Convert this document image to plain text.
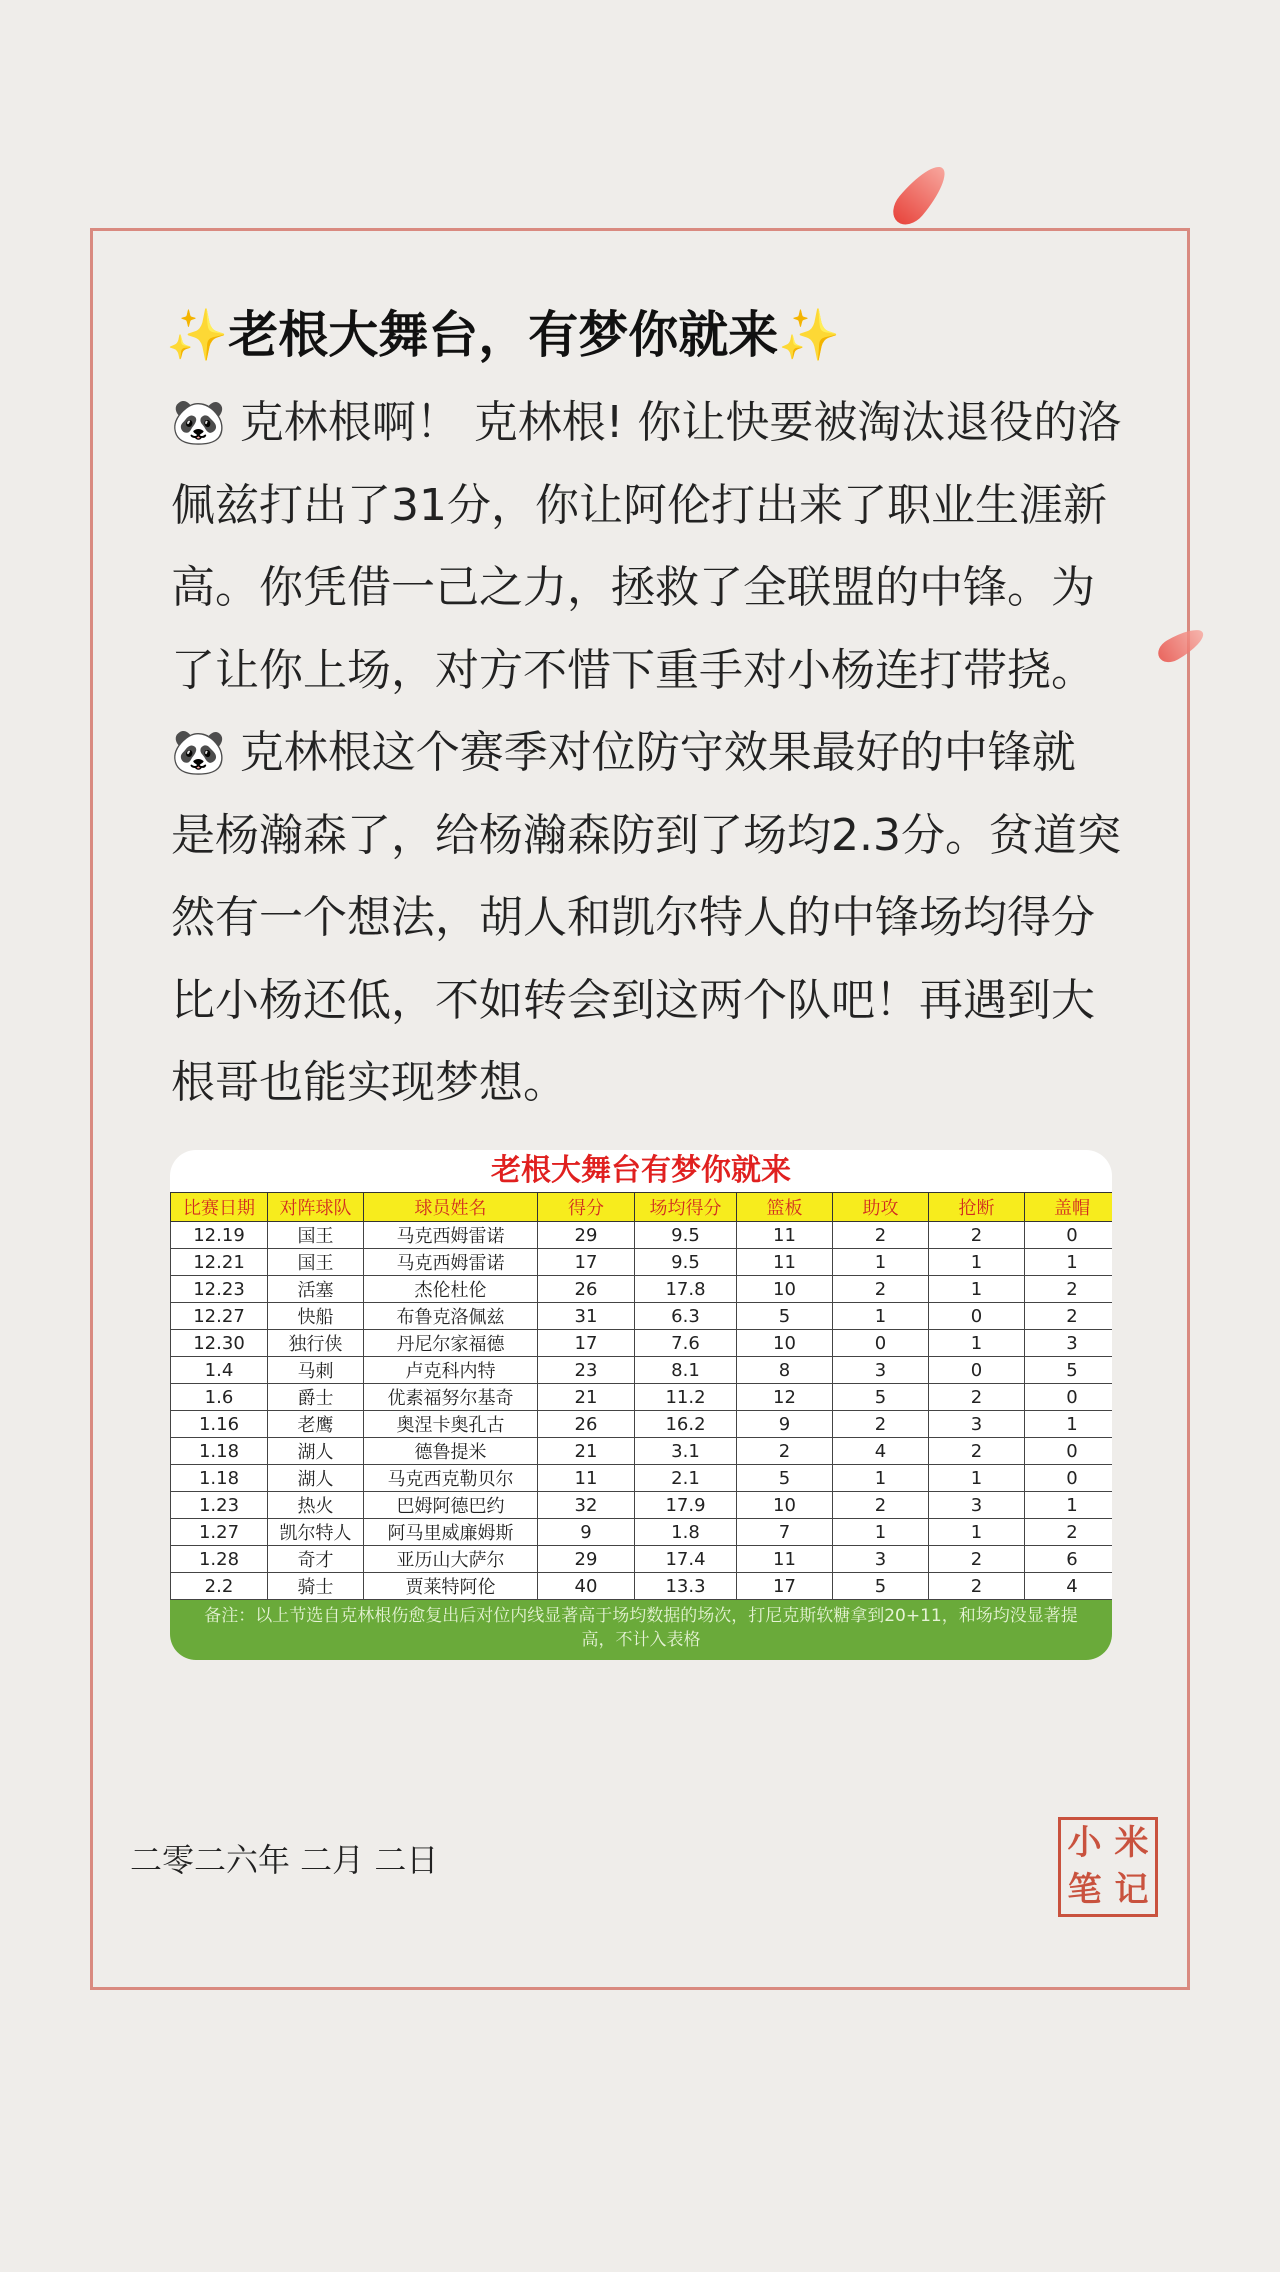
✨老根大舞台，有梦你就来✨
🐼 克林根啊！ 克林根! 你让快要被淘汰退役的洛
佩兹打出了31分，你让阿伦打出来了职业生涯新
高。你凭借一己之力，拯救了全联盟的中锋。为
了让你上场，对方不惜下重手对小杨连打带挠。
🐼 克林根这个赛季对位防守效果最好的中锋就
是杨瀚森了，给杨瀚森防到了场均2.3分。贫道突
然有一个想法，胡人和凯尔特人的中锋场均得分
比小杨还低，不如转会到这两个队吧！再遇到大
根哥也能实现梦想。
老根大舞台有梦你就来
比赛日期	对阵球队	球员姓名	得分	场均得分	篮板	助攻	抢断	盖帽
12.19	国王	马克西姆雷诺	29	9.5	11	2	2	0
12.21	国王	马克西姆雷诺	17	9.5	11	1	1	1
12.23	活塞	杰伦杜伦	26	17.8	10	2	1	2
12.27	快船	布鲁克洛佩兹	31	6.3	5	1	0	2
12.30	独行侠	丹尼尔家福德	17	7.6	10	0	1	3
1.4	马刺	卢克科内特	23	8.1	8	3	0	5
1.6	爵士	优素福努尔基奇	21	11.2	12	5	2	0
1.16	老鹰	奥涅卡奥孔古	26	16.2	9	2	3	1
1.18	湖人	德鲁提米	21	3.1	2	4	2	0
1.18	湖人	马克西克勒贝尔	11	2.1	5	1	1	0
1.23	热火	巴姆阿德巴约	32	17.9	10	2	3	1
1.27	凯尔特人	阿马里威廉姆斯	9	1.8	7	1	1	2
1.28	奇才	亚历山大萨尔	29	17.4	11	3	2	6
2.2	骑士	贾莱特阿伦	40	13.3	17	5	2	4
备注：以上节选自克林根伤愈复出后对位内线显著高于场均数据的场次，打尼克斯软糖拿到20+11，和场均没显著提高，不计入表格
二零二六年 二月 二日	小 米
笔 记
